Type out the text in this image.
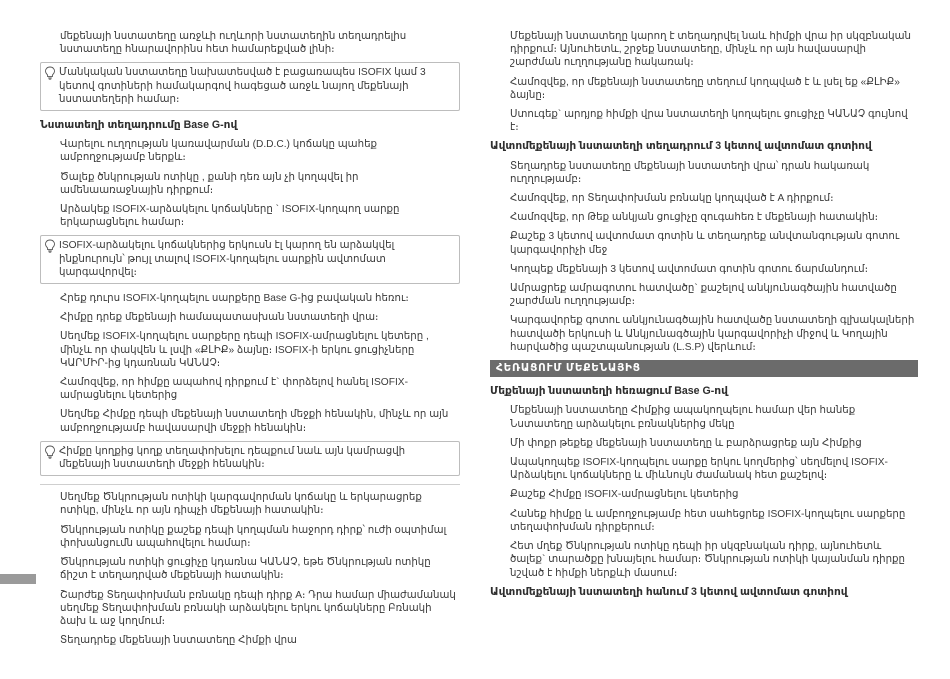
մեքենայի նստատեղը առջևի ուղևորի նստատեղին տեղադրելիս նստատեղը հնարավորինս հետ համարեքված լինի։
Մանկական նստատեղը նախատեսված է բացառապես ISOFIX կամ 3 կետով գոտիների համակարգով հագեցած առջև նայող մեքենայի նստատեղերի համար։
Նստատեղի տեղադրումը Base G-ով
Վարելու ուղղության կառավարման (D.D.C.) կոճակը պահեք ամբողջությամբ ներքև։
Ծալեք ծնկրության ոտիկը , քանի դեռ այն չի կողպվել իր ամենաառաջնային դիրքում։
Արձակեք ISOFIX-արձակելու կոճակները ` ISOFIX-կողպող սարքը երկարացնելու համար։
ISOFIX-արձակելու կոճակներից երկուսն էլ կարող են արձակվել ինքնուրույն՝ թույլ տալով ISOFIX-կողպելու սարքին ավտոմատ կարգավորվել։
Հրեք դուրս ISOFIX-կողպելու սարքերը Base G-ից բավական հեռու։
Հիմքը դրեք մեքենայի համապատասխան նստատեղի վրա։
Սեղմեք ISOFIX-կողպելու սարքերը դեպի ISOFIX-ամրացնելու կետերը , մինչև որ փակվեն և լսվի «ՔԼԻՔ» ձայնը։ ISOFIX-ի երկու ցուցիչները ԿԱՐՄԻՐ-ից կդառնան ԿԱՆԱՉ։
Համոզվեք, որ հիմքը ապահով դիրքում է` փորձելով հանել ISOFIX-ամրացնելու կետերից
Սեղմեք Հիմքը դեպի մեքենայի նստատեղի մեջքի հենակին, մինչև որ այն ամբողջությամբ հավասարվի մեջքի հենակին։
Հիմքը կողքից կողք տեղափոխելու դեպքում նաև այն կամրացվի մեքենայի նստատեղի մեջքի հենակին։
Սեղմեք Ծնկրության ոտիկի կարգավորման կոճակը և երկարացրեք ոտիկը, մինչև որ այն դիպչի մեքենայի հատակին։
Ծնկրության ոտիկը քաշեք դեպի կողպման հաջորդ դիրք՝ ուժի օպտիմալ փոխանցումն ապահովելու համար։
Ծնկրության ոտիկի ցուցիչը կդառնա ԿԱՆԱՉ, եթե Ծնկրության ոտիկը ճիշտ է տեղադրված մեքենայի հատակին։
Շարժեք Տեղափոխման բռնակը դեպի դիրք A։ Դրա համար միաժամանակ սեղմեք Տեղափոխման բռնակի արձակելու երկու կոճակները Բռնակի ձախ և աջ կողմում։
Տեղադրեք մեքենայի նստատեղը Հիմքի վրա
Մեքենայի նստատեղը կարող է տեղադրվել նաև հիմքի վրա իր սկզբնական դիրքում։ Այնուհետև, շրջեք նստատեղը, մինչև որ այն հավասարվի շարժման ուղղությանը հակառակ։
Համոզվեք, որ մեքենայի նստատեղը տեղում կողպված է և լսել եք «ՔԼԻՔ» ձայնը։
Ստուգեք` արդյոք հիմքի վրա նստատեղի կողպելու ցուցիչը ԿԱՆԱՉ գույնով է։
Ավտոմեքենայի նստատեղի տեղադրում 3 կետով ավտոմատ գոտիով
Տեղադրեք նստատեղը մեքենայի նստատեղի վրա՝ դրան հակառակ ուղղությամբ։
Համոզվեք, որ Տեղափոխման բռնակը կողպված է A դիրքում։
Համոզվեք, որ Թեք անկյան ցուցիչը զուգահեռ է մեքենայի հատակին։
Քաշեք 3 կետով ավտոմատ գոտին և տեղադրեք անվտանգության գոտու կարգավորիչի մեջ
Կողպեք մեքենայի 3 կետով ավտոմատ գոտին գոտու ճարմանդում։
Ամրացրեք ամրագոտու հատվածը` քաշելով անկյունագծային հատվածը շարժման ուղղությամբ։
Կարգավորեք գոտու անկյունագծային հատվածը նստատեղի գլխակալների հատվածի երկուսի և Անկյունագծային կարգավորիչի միջով և Կողային հարվածից պաշտպանության (L.S.P) վերևում։
ՀԵՌԱՑՈՒՄ ՄԵՔԵՆԱՅԻՑ
Մեքենայի նստատեղի հեռացում Base G-ով
Մեքենայի նստատեղը Հիմքից ապակողպելու համար վեր հանեք Նստատեղը արձակելու բռնակներից մեկը
Մի փոքր թեքեք մեքենայի նստատեղը և բարձրացրեք այն Հիմքից
Ապակողպեք ISOFIX-կողպելու սարքը երկու կողմերից՝ սեղմելով ISOFIX-Արձակելու կոճակները և միևնույն ժամանակ հետ քաշելով։
Քաշեք Հիմքը ISOFIX-ամրացնելու կետերից
Հանեք հիմքը և ամբողջությամբ հետ սահեցրեք ISOFIX-կողպելու սարքերը տեղափոխման դիրքերում։
Հետ մղեք Ծնկրության ոտիկը դեպի իր սկզբնական դիրք, այնուհետև ծալեք` տարածքը խնայելու համար։ Ծնկրության ոտիկի կայանման դիրքը նշված է հիմքի ներքևի մասում։
Ավտոմեքենայի նստատեղի հանում 3 կետով ավտոմատ գոտիով
